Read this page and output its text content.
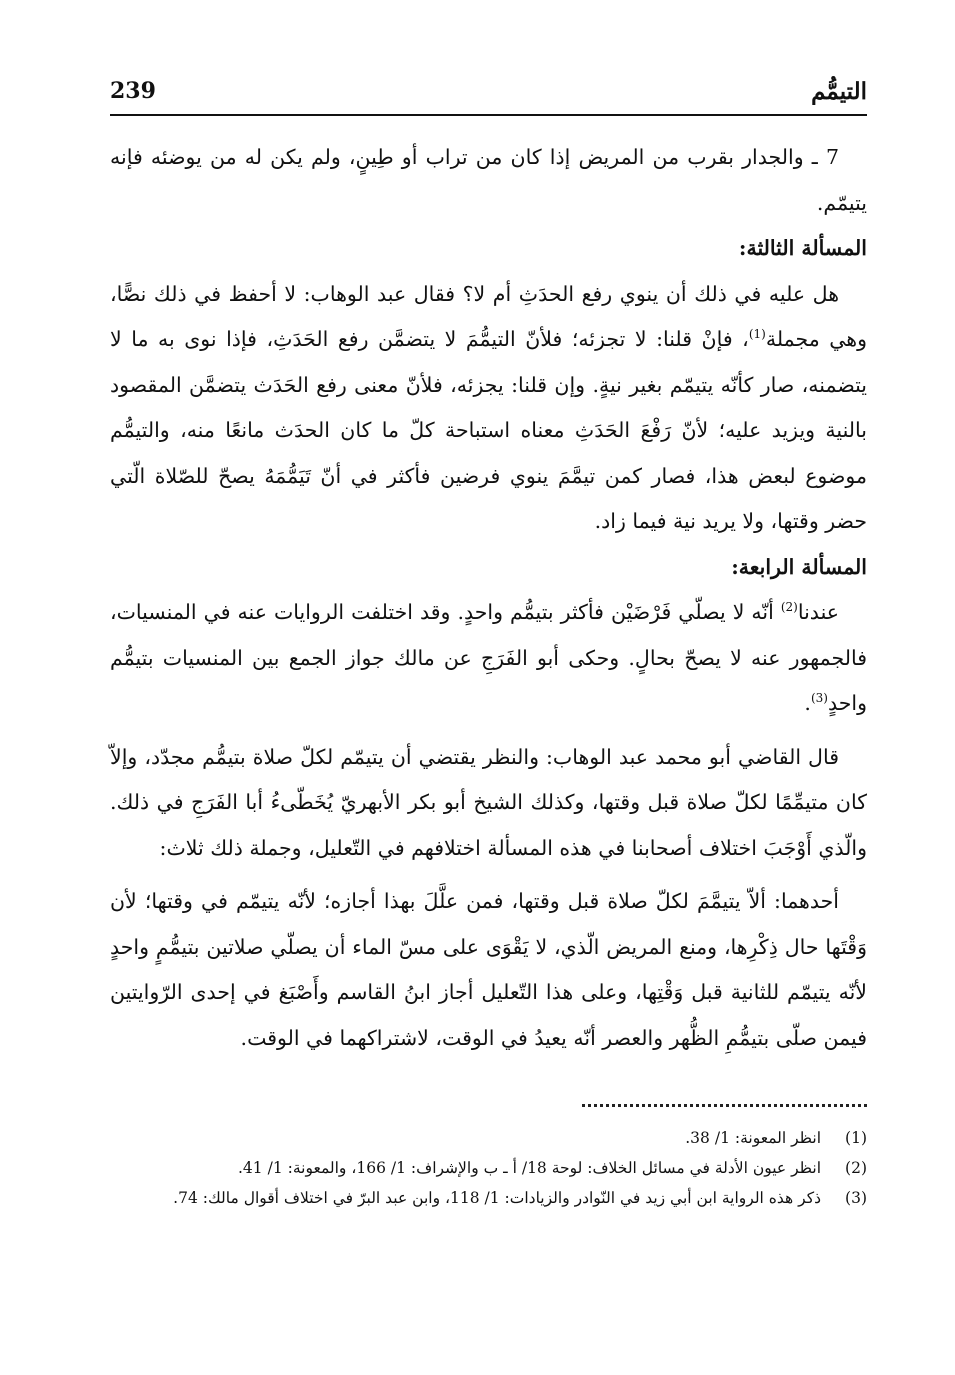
239	التيمُّم

7 ـ والجدار بقرب من المريض إذا كان من تراب أو طِينٍ، ولم يكن له من يوضئه فإنه يتيمّم.

المسألة الثالثة:

هل عليه في ذلك أن ينوي رفع الحدَثِ أم لا؟ فقال عبد الوهاب: لا أحفظ في ذلك نصًّا، وهي مجملة$^{(1)}$، فإنْ قلنا: لا تجزئه؛ فلأنّ التيمُّمَ لا يتضمَّن رفع الحَدَثِ، فإذا نوى به ما لا يتضمنه، صار كأنّه يتيمّم بغير نيةٍ. وإن قلنا: يجزئه، فلأنّ معنى رفع الحَدَث يتضمَّن المقصود بالنية ويزيد عليه؛ لأنّ رَفْعَ الحَدَثِ معناه استباحة كلّ ما كان الحدَث مانعًا منه، والتيمُّم موضوع لبعض هذا، فصار كمن تيمَّمَ ينوي فرضين فأكثر في أنّ تَيَمُّمَهُ يصحّ للصّلاة الّتي حضر وقتها، ولا يريد نية فيما زاد.

المسألة الرابعة:

عندنا$^{(2)}$ أنّه لا يصلّي فَرْضَيْن فأكثر بتيمُّم واحدٍ. وقد اختلفت الروايات عنه في المنسيات، فالجمهور عنه لا يصحّ بحالٍ. وحكى أبو الفَرَجِ عن مالك جواز الجمع بين المنسيات بتيمُّم واحدٍ$^{(3)}$.

قال القاضي أبو محمد عبد الوهاب: والنظر يقتضي أن يتيمّم لكلّ صلاة بتيمُّم مجدّد، وإلاّ كان متيمِّمًا لكلّ صلاة قبل وقتها، وكذلك الشيخ أبو بكر الأبهريّ يُخَطّىءُ أبا الفَرَجِ في ذلك. والّذي أَوْجَبَ اختلاف أصحابنا في هذه المسألة اختلافهم في التّعليل، وجملة ذلك ثلاث:

أحدهما: ألاّ يتيمَّمَ لكلّ صلاة قبل وقتها، فمن علَّلَ بهذا أجازه؛ لأنّه يتيمّم في وقتها؛ لأن وَقْتَها حال ذِكْرِها، ومنع المريض الّذي، لا يَقْوَى على مسّ الماء أن يصلّي صلاتين بتيمُّمٍ واحدٍ لأنّه يتيمّم للثانية قبل وَقْتِها، وعلى هذا التّعليل أجاز ابنُ القاسم وأَصْبَغ في إحدى الرّوايتين فيمن صلّى بتيمُّمِ الظُّهر والعصر أنّه يعيدُ في الوقت، لاشتراكهما في الوقت.

(1)
انظر المعونة: 1/ 38.
(2)
انظر عيون الأدلة في مسائل الخلاف: لوحة 18/ أ ـ ب والإشراف: 1/ 166، والمعونة: 1/ 41.
(3)
ذكر هذه الرواية ابن أبي زيد في النّوادر والزيادات: 1/ 118، وابن عبد البرّ في اختلاف أقوال مالك: 74.
